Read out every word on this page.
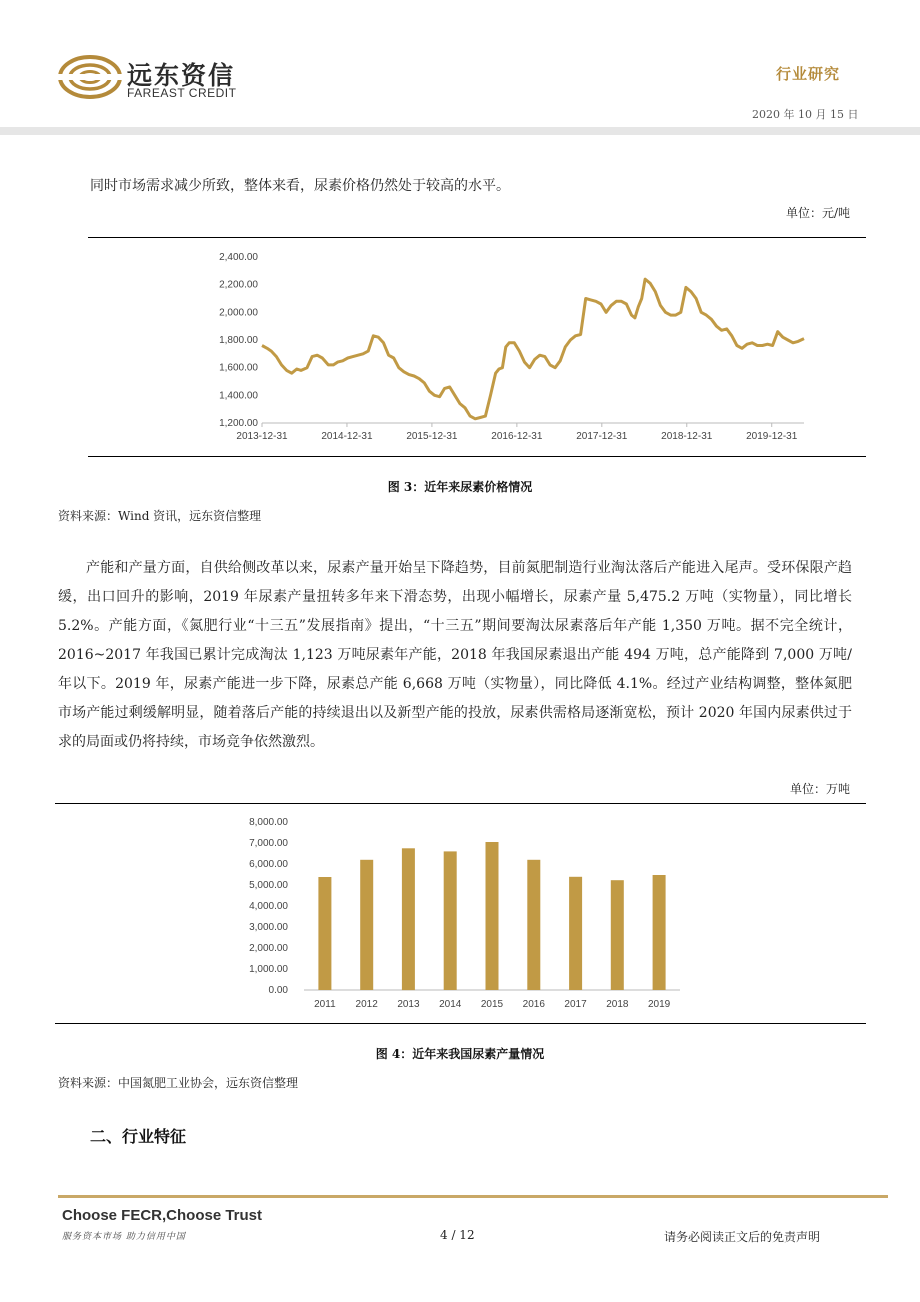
远东资信
FAREAST CREDIT
行业研究
2020 年 10 月 15 日
同时市场需求减少所致，整体来看，尿素价格仍然处于较高的水平。
单位：元/吨
1,200.00
1,400.00
1,600.00
1,800.00
2,000.00
2,200.00
2,400.00
2013-12-31	2014-12-31	2015-12-31	2016-12-31	2017-12-31	2018-12-31	2019-12-31
图 3：近年来尿素价格情况
资料来源：Wind 资讯，远东资信整理
产能和产量方面，自供给侧改革以来，尿素产量开始呈下降趋势，目前氮肥制造行业淘汰落后产能进入尾声。受环保限产趋缓，出口回升的影响，2019 年尿素产量扭转多年来下滑态势，出现小幅增长，尿素产量 5,475.2 万吨（实物量），同比增长 5.2%。产能方面，《氮肥行业“十三五”发展指南》提出，“十三五”期间要淘汰尿素落后年产能 1,350 万吨。据不完全统计，2016~2017 年我国已累计完成淘汰 1,123 万吨尿素年产能，2018 年我国尿素退出产能 494 万吨，总产能降到 7,000 万吨/年以下。2019 年，尿素产能进一步下降，尿素总产能 6,668 万吨（实物量），同比降低 4.1%。经过产业结构调整，整体氮肥市场产能过剩缓解明显，随着落后产能的持续退出以及新型产能的投放，尿素供需格局逐渐宽松，预计 2020 年国内尿素供过于求的局面或仍将持续，市场竞争依然激烈。
单位：万吨
0.00
1,000.00
2,000.00
3,000.00
4,000.00
5,000.00
6,000.00
7,000.00
8,000.00
2011 2012 2013 2014 2015 2016 2017 2018 2019
图 4：近年来我国尿素产量情况
资料来源：中国氮肥工业协会，远东资信整理
二、行业特征
Choose FECR,Choose Trust
服务资本市场 助力信用中国	4 / 12	请务必阅读正文后的免责声明
